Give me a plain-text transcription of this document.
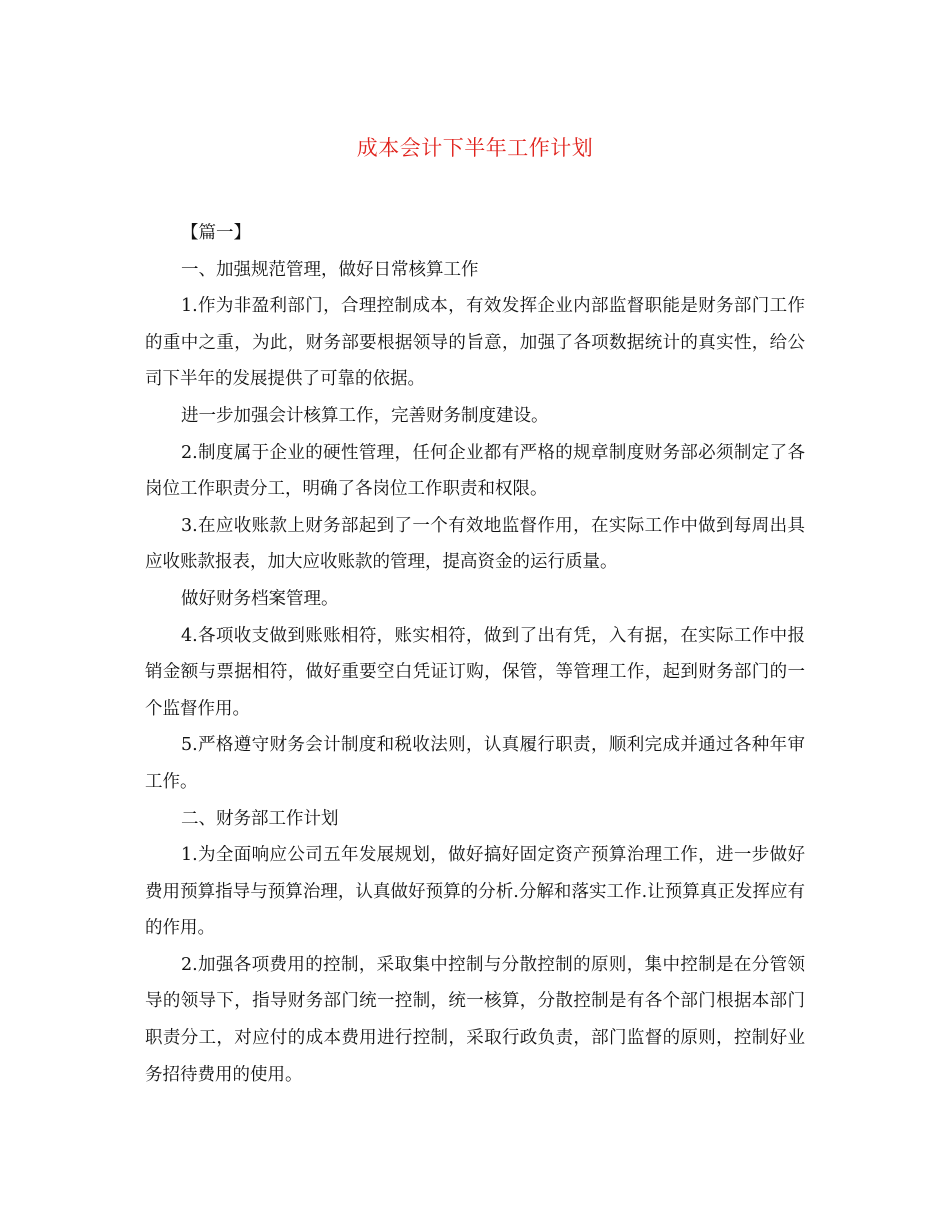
成本会计下半年工作计划

【篇一】

一、加强规范管理，做好日常核算工作

1.作为非盈利部门，合理控制成本，有效发挥企业内部监督职能是财务部门工作的重中之重，为此，财务部要根据领导的旨意，加强了各项数据统计的真实性，给公司下半年的发展提供了可靠的依据。

进一步加强会计核算工作，完善财务制度建设。

2.制度属于企业的硬性管理，任何企业都有严格的规章制度财务部必须制定了各岗位工作职责分工，明确了各岗位工作职责和权限。

3.在应收账款上财务部起到了一个有效地监督作用，在实际工作中做到每周出具应收账款报表，加大应收账款的管理，提高资金的运行质量。

做好财务档案管理。

4.各项收支做到账账相符，账实相符，做到了出有凭，入有据，在实际工作中报销金额与票据相符，做好重要空白凭证订购，保管，等管理工作，起到财务部门的一个监督作用。

5.严格遵守财务会计制度和税收法则，认真履行职责，顺利完成并通过各种年审工作。

二、财务部工作计划

1.为全面响应公司五年发展规划，做好搞好固定资产预算治理工作，进一步做好费用预算指导与预算治理，认真做好预算的分析.分解和落实工作.让预算真正发挥应有的作用。

2.加强各项费用的控制，采取集中控制与分散控制的原则，集中控制是在分管领导的领导下，指导财务部门统一控制，统一核算，分散控制是有各个部门根据本部门职责分工，对应付的成本费用进行控制，采取行政负责，部门监督的原则，控制好业务招待费用的使用。
